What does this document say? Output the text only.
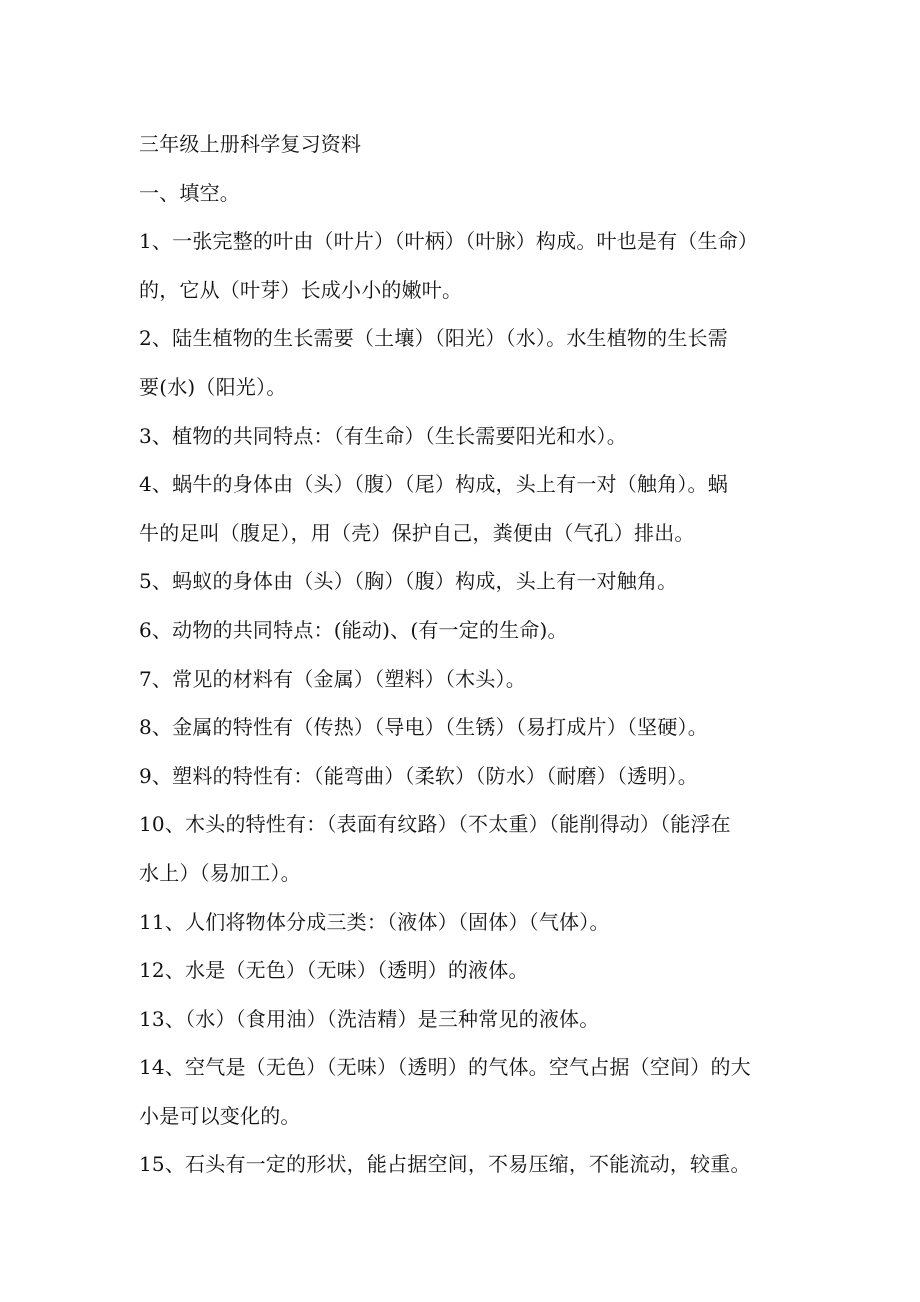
三年级上册科学复习资料
一、填空。
1、一张完整的叶由（叶片）（叶柄）（叶脉）构成。叶也是有（生命）
的，它从（叶芽）长成小小的嫩叶。
2、陆生植物的生长需要（土壤）（阳光）（水）。水生植物的生长需
要(水)（阳光）。
3、植物的共同特点：（有生命）（生长需要阳光和水）。
4、蜗牛的身体由（头）（腹）（尾）构成，头上有一对（触角）。蜗
牛的足叫（腹足），用（壳）保护自己，粪便由（气孔）排出。
5、蚂蚁的身体由（头）（胸）（腹）构成，头上有一对触角。
6、动物的共同特点：(能动)、(有一定的生命)。
7、常见的材料有（金属）（塑料）（木头）。
8、金属的特性有（传热）（导电）（生锈）（易打成片）（坚硬）。
9、塑料的特性有：（能弯曲）（柔软）（防水）（耐磨）（透明）。
10、木头的特性有：（表面有纹路）（不太重）（能削得动）（能浮在
水上）（易加工）。
11、人们将物体分成三类：（液体）（固体）（气体）。
12、水是（无色）（无味）（透明）的液体。
13、（水）（食用油）（洗洁精）是三种常见的液体。
14、空气是（无色）（无味）（透明）的气体。空气占据（空间）的大
小是可以变化的。
15、石头有一定的形状，能占据空间，不易压缩，不能流动，较重。
